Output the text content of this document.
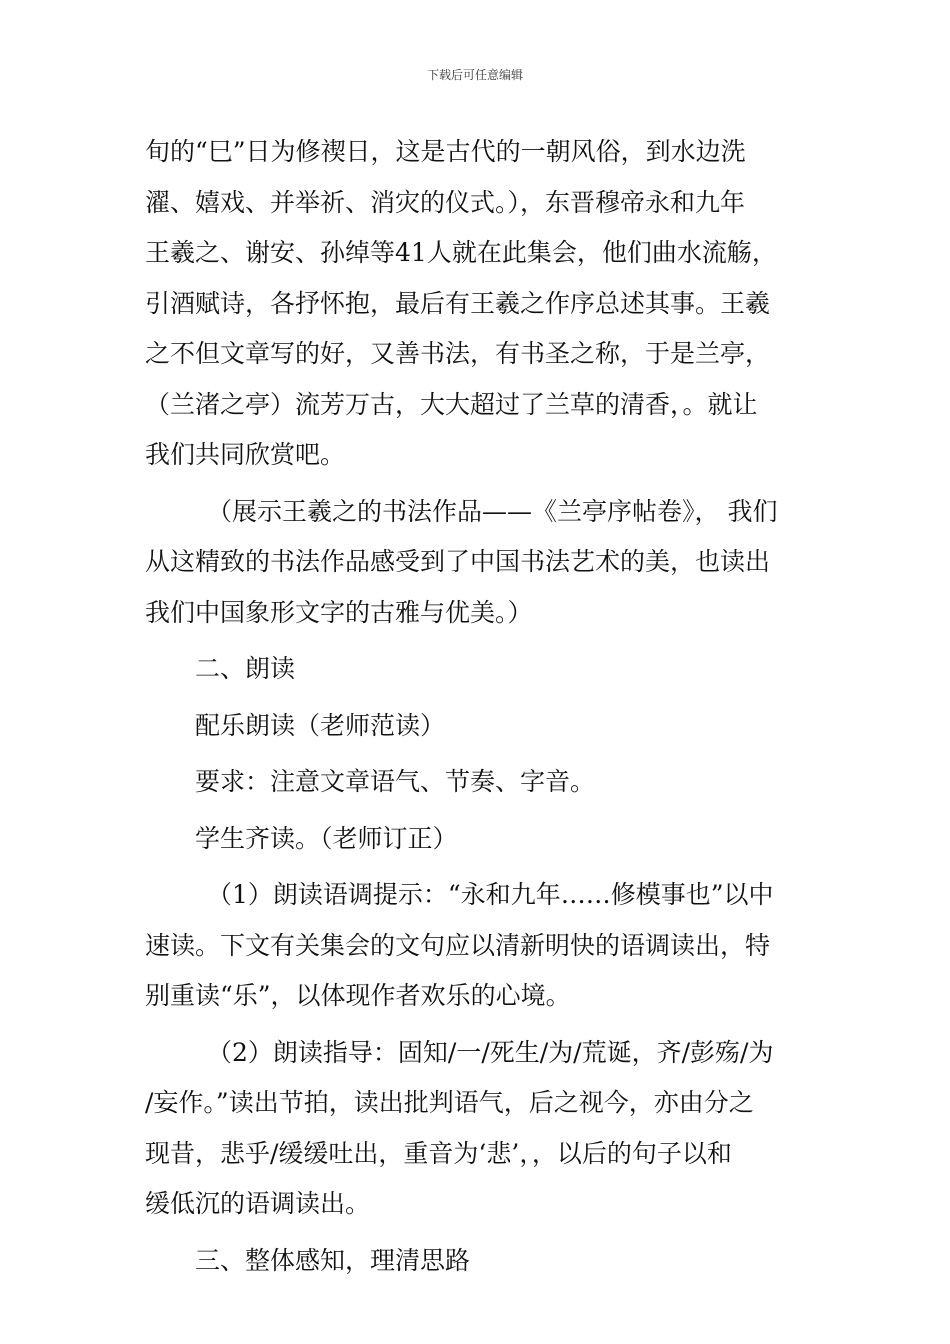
下载后可任意编辑
旬的“巳”日为修禊日，这是古代的一朝风俗，到水边洗
濯、嬉戏、并举祈、消灾的仪式。），东晋穆帝永和九年
王羲之、谢安、孙绰等41人就在此集会，他们曲水流觞，
引酒赋诗，各抒怀抱，最后有王羲之作序总述其事。王羲
之不但文章写的好，又善书法，有书圣之称，于是兰亭，
（兰渚之亭）流芳万古，大大超过了兰草的清香，。就让
我们共同欣赏吧。
（展示王羲之的书法作品——《兰亭序帖卷》， 我们
从这精致的书法作品感受到了中国书法艺术的美，也读出
我们中国象形文字的古雅与优美。）
二、朗读
配乐朗读（老师范读）
要求：注意文章语气、节奏、字音。
学生齐读。（老师订正）
（1）朗读语调提示：“永和九年……修模事也”以中
速读。下文有关集会的文句应以清新明快的语调读出，特
别重读“乐”，以体现作者欢乐的心境。
（2）朗读指导：固知/一/死生/为/荒诞，齐/彭殇/为
/妄作。”读出节拍，读出批判语气，后之视今，亦由分之
现昔，悲乎/缓缓吐出，重音为‘悲’，，以后的句子以和
缓低沉的语调读出。
三、整体感知，理清思路
